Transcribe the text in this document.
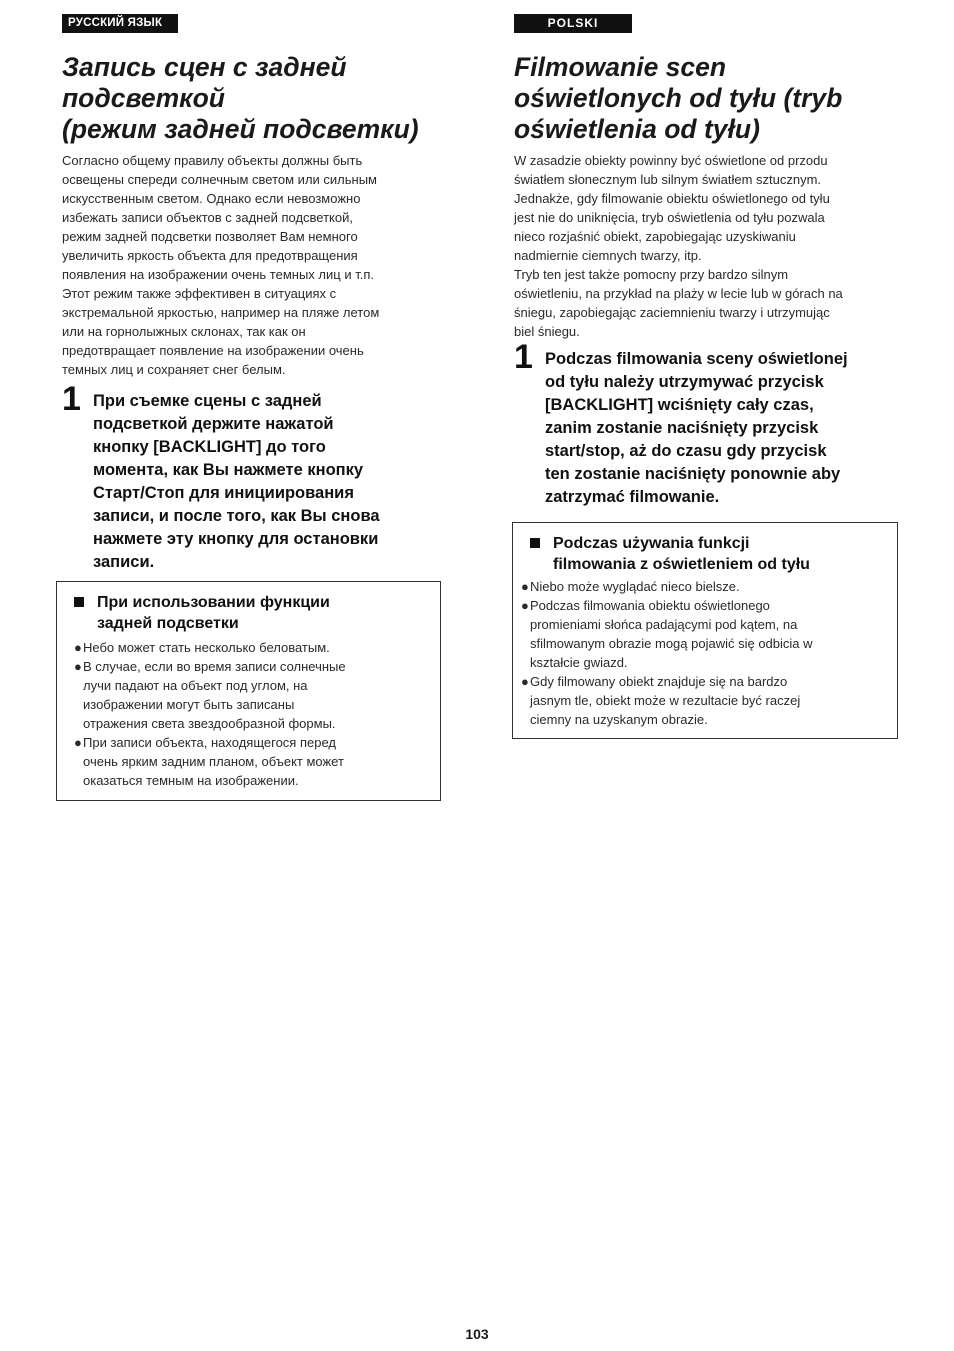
РУССКИЙ ЯЗЫК
Запись сцен с задней
подсветкой
(режим задней подсветки)

Согласно общему правилу объекты должны быть
освещены спереди солнечным светом или сильным
искусственным светом. Однако если невозможно
избежать записи объектов с задней подсветкой,
режим задней подсветки позволяет Вам немного
увеличить яркость объекта для предотвращения
появления на изображении очень темных лиц и т.п.
Этот режим также эффективен в ситуациях с
экстремальной яркостью, например на пляже летом
или на горнолыжных склонах, так как он
предотвращает появление на изображении очень
темных лиц и сохраняет снег белым.

1 При съемке сцены с задней
подсветкой держите нажатой
кнопку [BACKLIGHT] до того
момента, как Вы нажмете кнопку
Старт/Стоп для инициирования
записи, и после того, как Вы снова
нажмете эту кнопку для остановки
записи.

При использовании функции
задней подсветки
● Небо может стать несколько беловатым.
● В случае, если во время записи солнечные
лучи падают на объект под углом, на
изображении могут быть записаны
отражения света звездообразной формы.
● При записи объекта, находящегося перед
очень ярким задним планом, объект может
оказаться темным на изображении.
POLSKI
Filmowanie scen
oświetlonych od tyłu (tryb
oświetlenia od tyłu)

W zasadzie obiekty powinny być oświetlone od przodu
światłem słonecznym lub silnym światłem sztucznym.
Jednakże, gdy filmowanie obiektu oświetlonego od tyłu
jest nie do uniknięcia, tryb oświetlenia od tyłu pozwala
nieco rozjaśnić obiekt, zapobiegając uzyskiwaniu
nadmiernie ciemnych twarzy, itp.
Tryb ten jest także pomocny przy bardzo silnym
oświetleniu, na przykład na plaży w lecie lub w górach na
śniegu, zapobiegając zaciemnieniu twarzy i utrzymując
biel śniegu.

1 Podczas filmowania sceny oświetlonej
od tyłu należy utrzymywać przycisk
[BACKLIGHT] wciśnięty cały czas,
zanim zostanie naciśnięty przycisk
start/stop, aż do czasu gdy przycisk
ten zostanie naciśnięty ponownie aby
zatrzymać filmowanie.

Podczas używania funkcji
filmowania z oświetleniem od tyłu
● Niebo może wyglądać nieco bielsze.
● Podczas filmowania obiektu oświetlonego
promieniami słońca padającymi pod kątem, na
sfilmowanym obrazie mogą pojawić się odbicia w
kształcie gwiazd.
● Gdy filmowany obiekt znajduje się na bardzo
jasnym tle, obiekt może w rezultacie być raczej
ciemny na uzyskanym obrazie.
103
